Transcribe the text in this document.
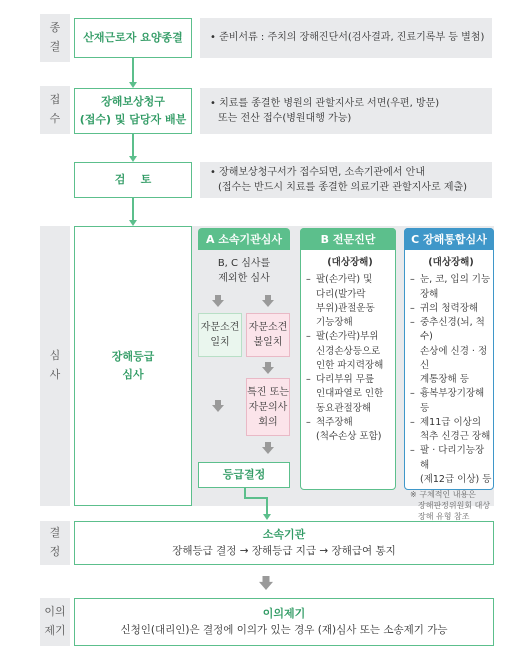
종
결
접
수
심
사
결
정
이의
제기
산재근로자 요양종결
장해보상청구
(접수) 및 담당자 배분
검    토
• 준비서류 : 주치의 장해진단서(검사결과, 진료기록부 등 별첨)
• 치료를 종결한 병원의 관할지사로 서면(우편, 방문)
또는 전산 접수(병원대행 가능)
• 장해보상청구서가 접수되면, 소속기관에서 안내
(접수는 반드시 치료를 종결한 의료기관 관할지사로 제출)
장해등급
심사
A 소속기관심사
B, C 심사를
제외한 심사
자문소견
일치
자문소견
불일치
특진 또는
자문의사
회의
등급결정
B 전문진단
(대상장해)
– 팔(손가락) 및
다리(발가락
부위)관절운동
기능장해
– 팔(손가락)부위
신경손상등으로
인한 파지력장해
– 다리부위 무릎
인대파열로 인한
동요관절장해
– 척주장해
(척수손상 포함)
C 장해통합심사
(대상장해)
– 눈, 코, 입의 기능
장해
– 귀의 청력장해
– 중추신경(뇌, 척수)
손상에 신경 · 정신
계통장해 등
– 흉복부장기장해등
– 제11급 이상의
척추 신경근 장해
– 팔 · 다리기능장해
(제12급 이상) 등
※ 구체적인 내용은
장해판정위원회 대상
장해 유형 참조
소속기관
장해등급 결정 → 장해등급 지급 → 장해급여 통지
이의제기
신청인(대리인)은 결정에 이의가 있는 경우 (재)심사 또는 소송제기 가능
